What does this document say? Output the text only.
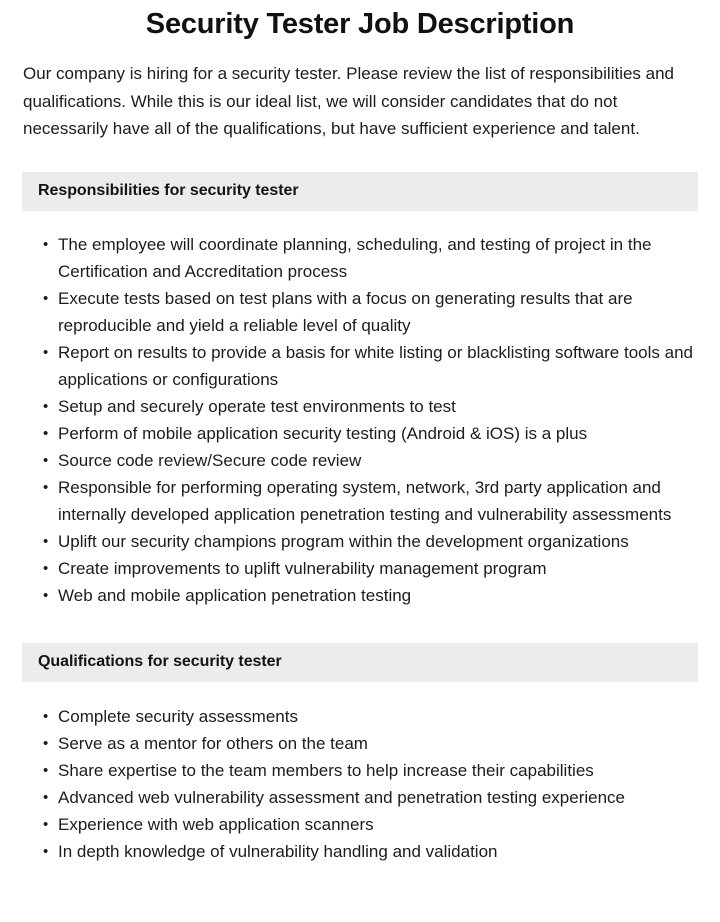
Security Tester Job Description

Our company is hiring for a security tester. Please review the list of responsibilities and qualifications. While this is our ideal list, we will consider candidates that do not necessarily have all of the qualifications, but have sufficient experience and talent.

Responsibilities for security tester
• The employee will coordinate planning, scheduling, and testing of project in the Certification and Accreditation process
• Execute tests based on test plans with a focus on generating results that are reproducible and yield a reliable level of quality
• Report on results to provide a basis for white listing or blacklisting software tools and applications or configurations
• Setup and securely operate test environments to test
• Perform of mobile application security testing (Android & iOS) is a plus
• Source code review/Secure code review
• Responsible for performing operating system, network, 3rd party application and internally developed application penetration testing and vulnerability assessments
• Uplift our security champions program within the development organizations
• Create improvements to uplift vulnerability management program
• Web and mobile application penetration testing
Qualifications for security tester
• Complete security assessments
• Serve as a mentor for others on the team
• Share expertise to the team members to help increase their capabilities
• Advanced web vulnerability assessment and penetration testing experience
• Experience with web application scanners
• In depth knowledge of vulnerability handling and validation
